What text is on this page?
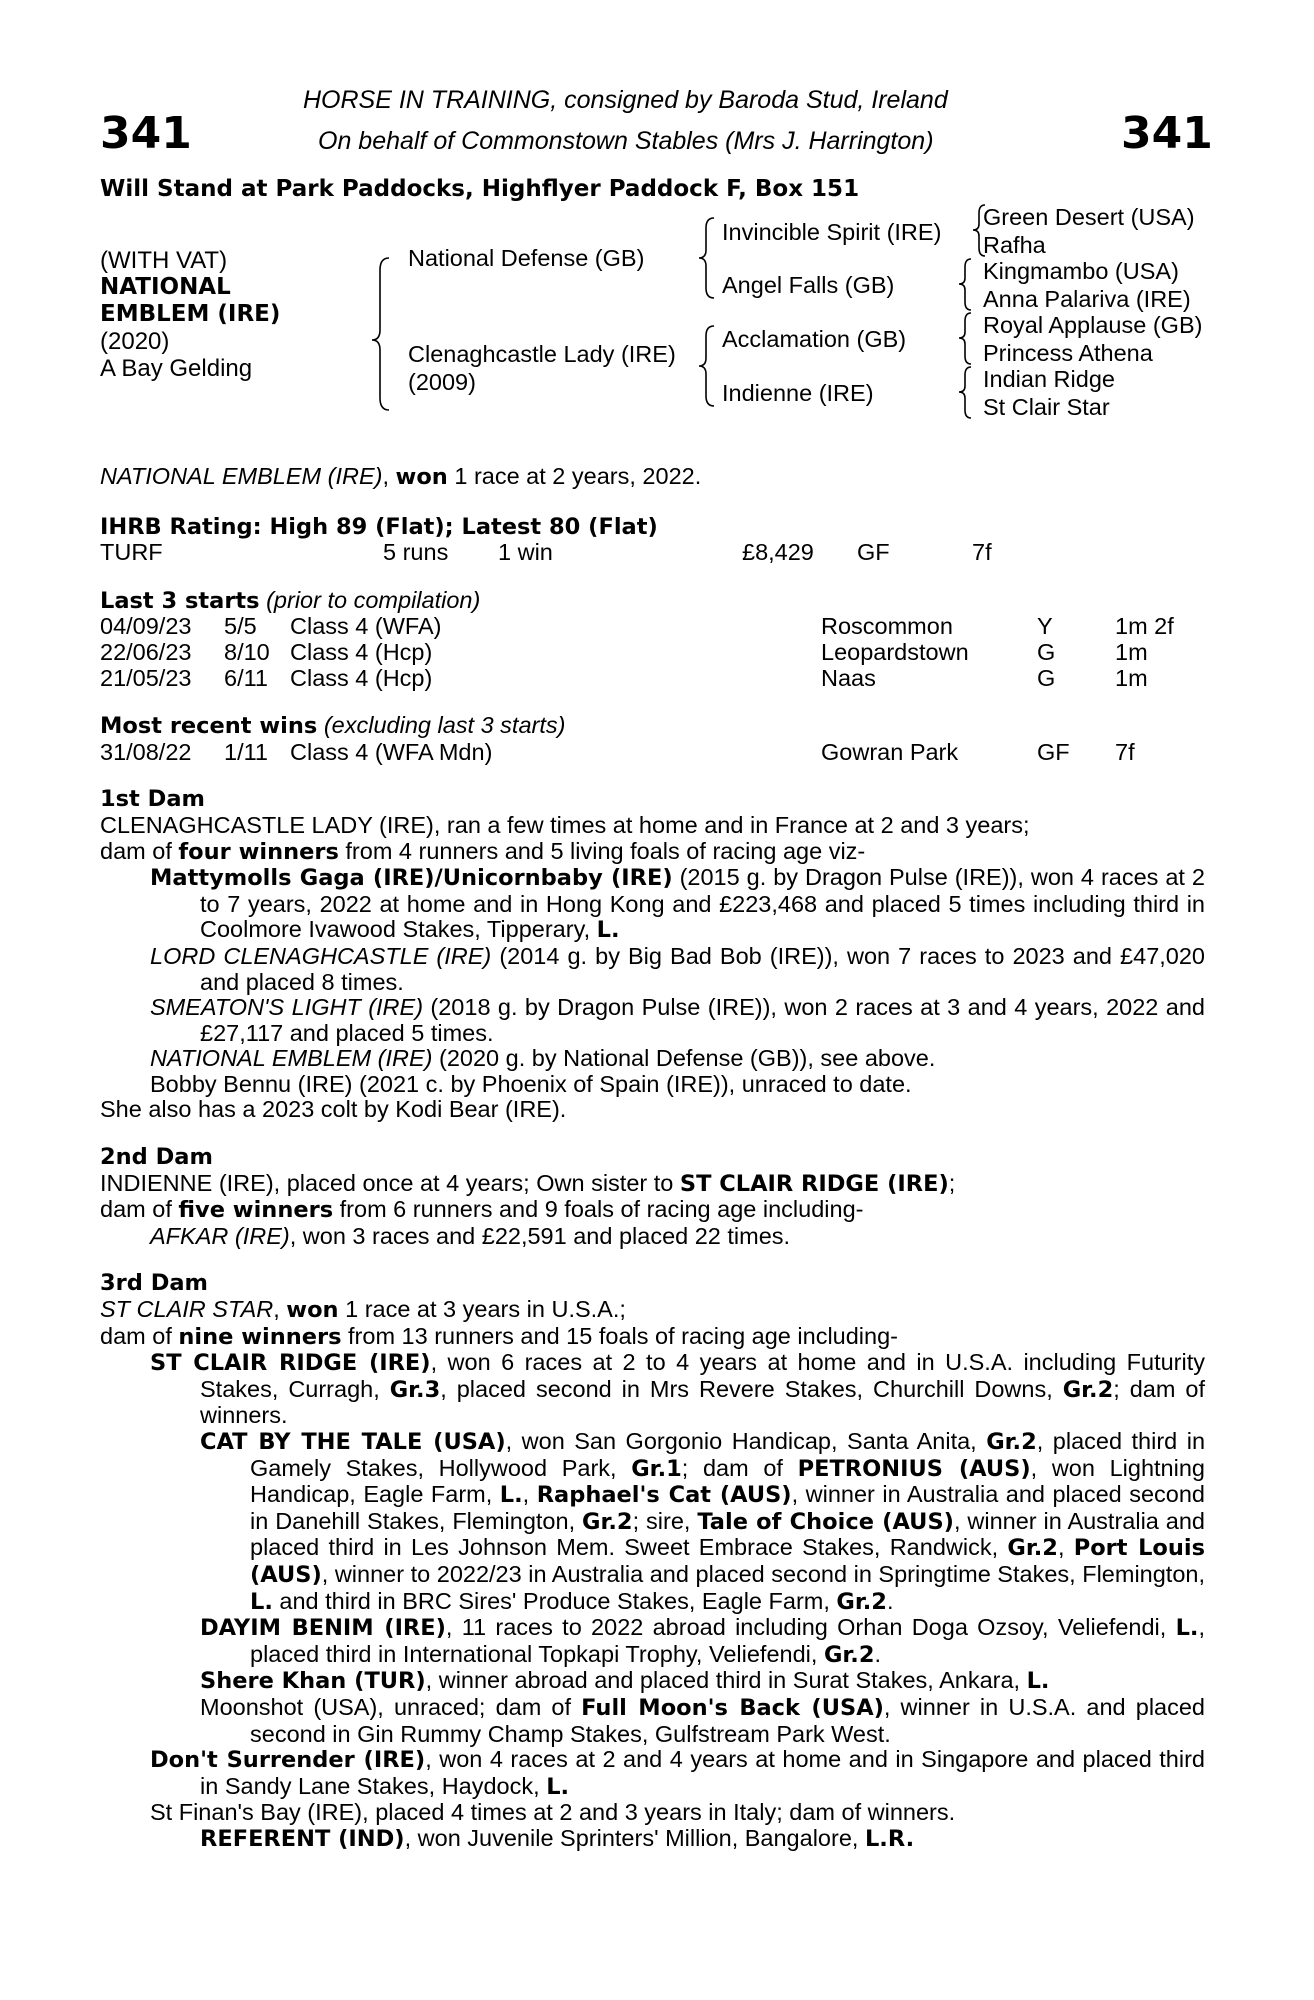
341	341
HORSE IN TRAINING, consigned by Baroda Stud, Ireland
On behalf of Commonstown Stables (Mrs J. Harrington)
Will Stand at Park Paddocks, Highflyer Paddock F, Box 151
(WITH VAT)
NATIONAL
EMBLEM (IRE)
(2020)
A Bay Gelding
National Defense (GB)
Clenaghcastle Lady (IRE)
(2009)
Invincible Spirit (IRE)
Angel Falls (GB)
Acclamation (GB)
Indienne (IRE)
Green Desert (USA)
Rafha
Kingmambo (USA)
Anna Palariva (IRE)
Royal Applause (GB)
Princess Athena
Indian Ridge
St Clair Star

NATIONAL EMBLEM (IRE), won 1 race at 2 years, 2022.

IHRB Rating: High 89 (Flat); Latest 80 (Flat)

TURF	5 runs 1 win	£8,429 GF	7f

Last 3 starts (prior to compilation)

04/09/23 5/5 Class 4 (WFA)	Roscommon	Y	1m 2f
22/06/23 8/10 Class 4 (Hcp)	Leopardstown	G	1m
21/05/23 6/11 Class 4 (Hcp)	Naas	G	1m

Most recent wins (excluding last 3 starts)

31/08/22 1/11 Class 4 (WFA Mdn)	Gowran Park	GF 7f

1st Dam

CLENAGHCASTLE LADY (IRE), ran a few times at home and in France at 2 and 3 years;

dam of four winners from 4 runners and 5 living foals of racing age viz-

Mattymolls Gaga (IRE)/Unicornbaby (IRE) (2015 g. by Dragon Pulse (IRE)), won 4 races at 2 to 7 years, 2022 at home and in Hong Kong and £223,468 and placed 5 times including third in Coolmore Ivawood Stakes, Tipperary, L.

LORD CLENAGHCASTLE (IRE) (2014 g. by Big Bad Bob (IRE)), won 7 races to 2023 and £47,020 and placed 8 times.

SMEATON'S LIGHT (IRE) (2018 g. by Dragon Pulse (IRE)), won 2 races at 3 and 4 years, 2022 and £27,117 and placed 5 times.

NATIONAL EMBLEM (IRE) (2020 g. by National Defense (GB)), see above.

Bobby Bennu (IRE) (2021 c. by Phoenix of Spain (IRE)), unraced to date.

She also has a 2023 colt by Kodi Bear (IRE).

2nd Dam

INDIENNE (IRE), placed once at 4 years; Own sister to ST CLAIR RIDGE (IRE);

dam of five winners from 6 runners and 9 foals of racing age including-

AFKAR (IRE), won 3 races and £22,591 and placed 22 times.

3rd Dam

ST CLAIR STAR, won 1 race at 3 years in U.S.A.;

dam of nine winners from 13 runners and 15 foals of racing age including-

ST CLAIR RIDGE (IRE), won 6 races at 2 to 4 years at home and in U.S.A. including Futurity Stakes, Curragh, Gr.3, placed second in Mrs Revere Stakes, Churchill Downs, Gr.2; dam of winners.

CAT BY THE TALE (USA), won San Gorgonio Handicap, Santa Anita, Gr.2, placed third in Gamely Stakes, Hollywood Park, Gr.1; dam of PETRONIUS (AUS), won Lightning Handicap, Eagle Farm, L., Raphael's Cat (AUS), winner in Australia and placed second in Danehill Stakes, Flemington, Gr.2; sire, Tale of Choice (AUS), winner in Australia and placed third in Les Johnson Mem. Sweet Embrace Stakes, Randwick, Gr.2, Port Louis (AUS), winner to 2022/23 in Australia and placed second in Springtime Stakes, Flemington, L. and third in BRC Sires' Produce Stakes, Eagle Farm, Gr.2.

DAYIM BENIM (IRE), 11 races to 2022 abroad including Orhan Doga Ozsoy, Veliefendi, L., placed third in International Topkapi Trophy, Veliefendi, Gr.2.

Shere Khan (TUR), winner abroad and placed third in Surat Stakes, Ankara, L.

Moonshot (USA), unraced; dam of Full Moon's Back (USA), winner in U.S.A. and placed second in Gin Rummy Champ Stakes, Gulfstream Park West.

Don't Surrender (IRE), won 4 races at 2 and 4 years at home and in Singapore and placed third in Sandy Lane Stakes, Haydock, L.

St Finan's Bay (IRE), placed 4 times at 2 and 3 years in Italy; dam of winners.

REFERENT (IND), won Juvenile Sprinters' Million, Bangalore, L.R.
